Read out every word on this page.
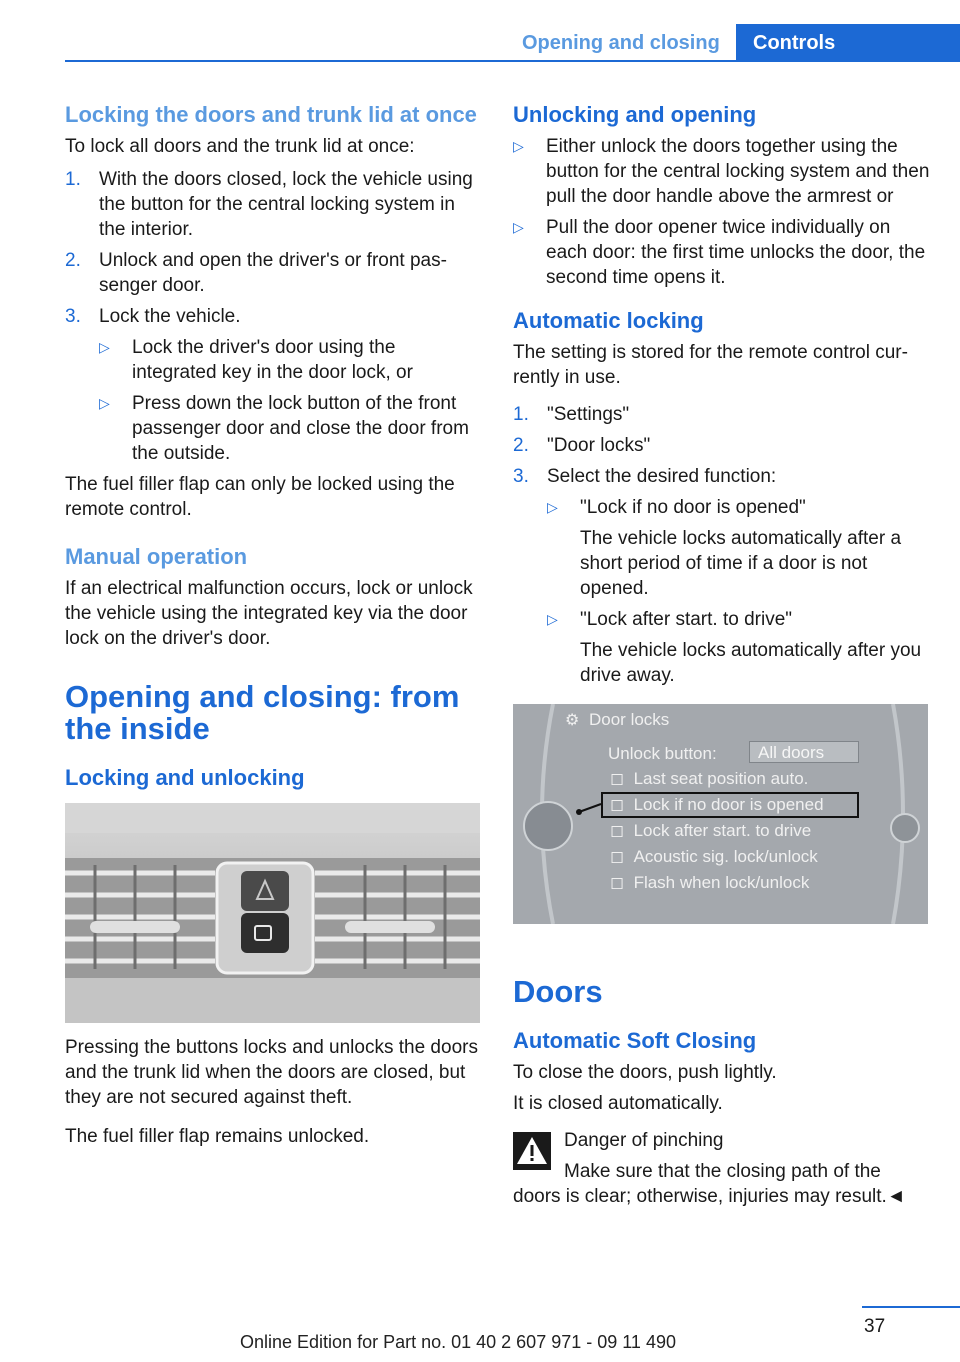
Opening and closing Controls
Locking the doors and trunk lid at once

To lock all doors and the trunk lid at once:

1. With the doors closed, lock the vehicle using the button for the central locking system in the interior.
2. Unlock and open the driver's or front pas‐ senger door.
3. Lock the vehicle.
▷	Lock the driver's door using the integrated key in the door lock, or
▷	Press down the lock button of the front passenger door and close the door from the outside.

The fuel filler flap can only be locked using the remote control.

Manual operation

If an electrical malfunction occurs, lock or unlock the vehicle using the integrated key via the door lock on the driver's door.

Opening and closing: from the inside
Locking and unlocking

Pressing the buttons locks and unlocks the doors and the trunk lid when the doors are closed, but they are not secured against theft.

The fuel filler flap remains unlocked.

Unlocking and opening
▷	Either unlock the doors together using the button for the central locking system and then pull the door handle above the armrest or
▷	Pull the door opener twice individually on each door: the first time unlocks the door, the second time opens it.
Automatic locking

The setting is stored for the remote control cur‐ rently in use.

1. "Settings"
2. "Door locks"
3. Select the desired function:
▷	"Lock if no door is opened"

The vehicle locks automatically after a short period of time if a door is not opened.

▷	"Lock after start. to drive"

The vehicle locks automatically after you drive away.

⚙ Door locks
Unlock button: All doors
◻  Last seat position auto.
◻  Lock if no door is opened
◻  Lock after start. to drive
◻  Acoustic sig. lock/unlock
◻  Flash when lock/unlock
Doors
Automatic Soft Closing

To close the doors, push lightly.

It is closed automatically.

Danger of pinching

Make sure that the closing path of the doors is clear; otherwise, injuries may result.◄

37
Online Edition for Part no. 01 40 2 607 971 - 09 11 490
